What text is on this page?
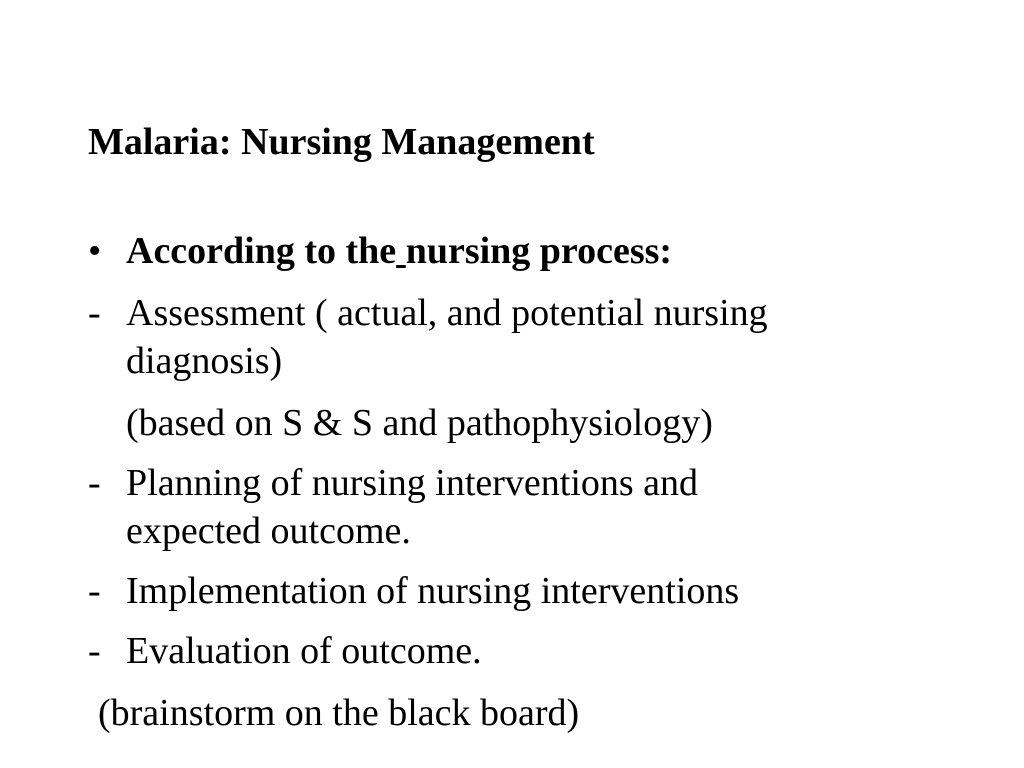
Malaria: Nursing Management
• According to the nursing process:
- Assessment ( actual, and potential nursing
diagnosis)
(based on S & S and pathophysiology)
- Planning of nursing interventions and
expected outcome.
- Implementation of nursing interventions
- Evaluation of outcome.
(brainstorm on the black board)
